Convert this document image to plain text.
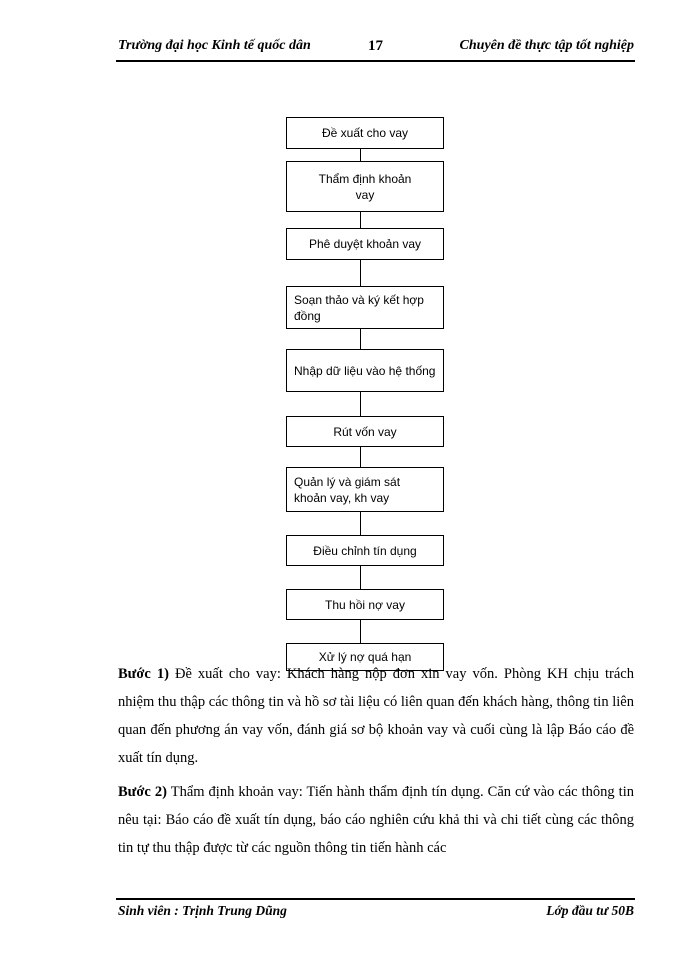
Trường đại học Kinh tế quốc dân	17	Chuyên đề thực tập tốt nghiệp
Đề xuất cho vay
Thẩm định khoản vay
Phê duyệt khoản vay
Soạn thảo và ký kết hợp đồng
Nhập dữ liệu vào hệ thống
Rút vốn vay
Quản lý và giám sát khoản vay, kh vay
Điều chỉnh tín dụng
Thu hồi nợ vay
Xử lý nợ quá hạn

Bước 1) Đề xuất cho vay: Khách hàng nộp đơn xin vay vốn. Phòng KH chịu trách nhiệm thu thập các thông tin và hồ sơ tài liệu có liên quan đến khách hàng, thông tin liên quan đến phương án vay vốn, đánh giá sơ bộ khoản vay và cuối cùng là lập Báo cáo đề xuất tín dụng.

Bước 2) Thẩm định khoản vay: Tiến hành thẩm định tín dụng. Căn cứ vào các thông tin nêu tại: Báo cáo đề xuất tín dụng, báo cáo nghiên cứu khả thi và chi tiết cùng các thông tin tự thu thập được từ các nguồn thông tin tiến hành các

Sinh viên : Trịnh Trung Dũng	Lớp đầu tư 50B
